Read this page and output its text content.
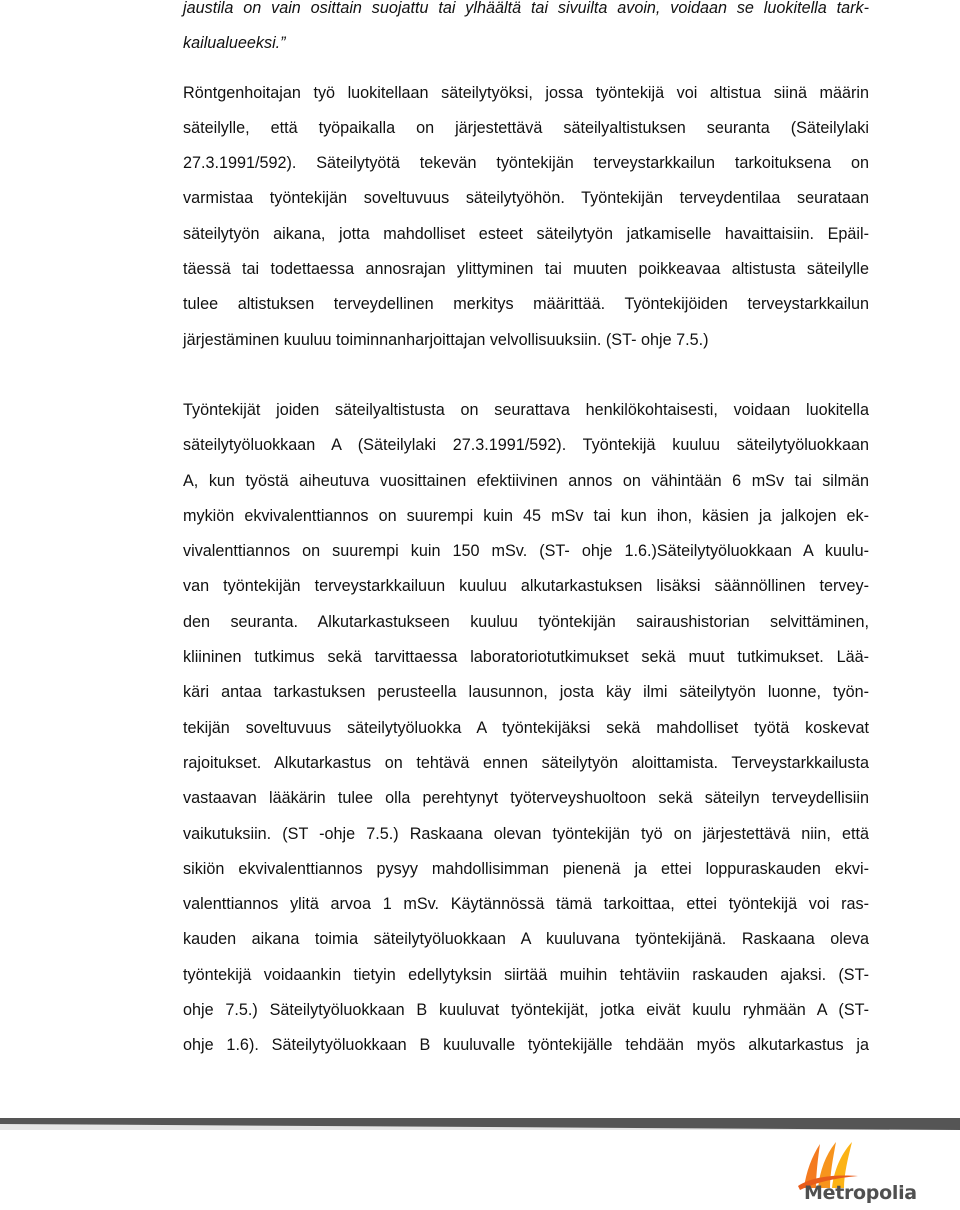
jaustila on vain osittain suojattu tai ylhäältä tai sivuilta avoin, voidaan se luokitella tark-
kailualueeksi.”
Röntgenhoitajan työ luokitellaan säteilytyöksi, jossa työntekijä voi altistua siinä määrin
säteilylle, että työpaikalla on järjestettävä säteilyaltistuksen seuranta (Säteilylaki
27.3.1991/592). Säteilytyötä tekevän työntekijän terveystarkkailun tarkoituksena on
varmistaa työntekijän soveltuvuus säteilytyöhön. Työntekijän terveydentilaa seurataan
säteilytyön aikana, jotta mahdolliset esteet säteilytyön jatkamiselle havaittaisiin. Epäil-
täessä tai todettaessa annosrajan ylittyminen tai muuten poikkeavaa altistusta säteilylle
tulee altistuksen terveydellinen merkitys määrittää. Työntekijöiden terveystarkkailun
järjestäminen kuuluu toiminnanharjoittajan velvollisuuksiin. (ST- ohje 7.5.)
Työntekijät joiden säteilyaltistusta on seurattava henkilökohtaisesti, voidaan luokitella
säteilytyöluokkaan A (Säteilylaki 27.3.1991/592). Työntekijä kuuluu säteilytyöluokkaan
A, kun työstä aiheutuva vuosittainen efektiivinen annos on vähintään 6 mSv tai silmän
mykiön ekvivalenttiannos on suurempi kuin 45 mSv tai kun ihon, käsien ja jalkojen ek-
vivalenttiannos on suurempi kuin 150 mSv. (ST- ohje 1.6.)Säteilytyöluokkaan A kuulu-
van työntekijän terveystarkkailuun kuuluu alkutarkastuksen lisäksi säännöllinen tervey-
den seuranta. Alkutarkastukseen kuuluu työntekijän sairaushistorian selvittäminen,
kliininen tutkimus sekä tarvittaessa laboratoriotutkimukset sekä muut tutkimukset. Lää-
käri antaa tarkastuksen perusteella lausunnon, josta käy ilmi säteilytyön luonne, työn-
tekijän soveltuvuus säteilytyöluokka A työntekijäksi sekä mahdolliset työtä koskevat
rajoitukset. Alkutarkastus on tehtävä ennen säteilytyön aloittamista. Terveystarkkailusta
vastaavan lääkärin tulee olla perehtynyt työterveyshuoltoon sekä säteilyn terveydellisiin
vaikutuksiin. (ST -ohje 7.5.) Raskaana olevan työntekijän työ on järjestettävä niin, että
sikiön ekvivalenttiannos pysyy mahdollisimman pienenä ja ettei loppuraskauden ekvi-
valenttiannos ylitä arvoa 1 mSv. Käytännössä tämä tarkoittaa, ettei työntekijä voi ras-
kauden aikana toimia säteilytyöluokkaan A kuuluvana työntekijänä. Raskaana oleva
työntekijä voidaankin tietyin edellytyksin siirtää muihin tehtäviin raskauden ajaksi. (ST-
ohje 7.5.) Säteilytyöluokkaan B kuuluvat työntekijät, jotka eivät kuulu ryhmään A (ST-
ohje 1.6). Säteilytyöluokkaan B kuuluvalle työntekijälle tehdään myös alkutarkastus ja
Metropolia
